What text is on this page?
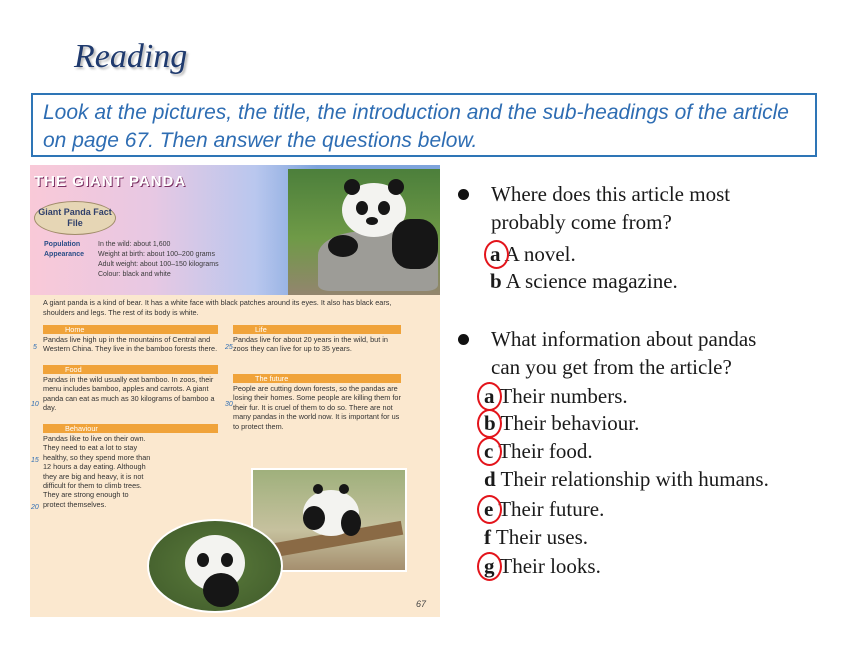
Reading
Look at the pictures, the title, the introduction and the sub-headings of the article on page 67. Then answer the questions below.
THE GIANT PANDA
Giant Panda Fact File
Population	In the wild: about 1,600
Appearance Weight at birth: about 100–200 grams
Adult weight: about 100–150 kilograms
Colour: black and white
A giant panda is a kind of bear. It has a white face with black patches around its eyes. It also has black ears, shoulders and legs. The rest of its body is white.
Home
Pandas live high up in the mountains of Central and Western China. They live in the bamboo forests there.
Food
Pandas in the wild usually eat bamboo. In zoos, their menu includes bamboo, apples and carrots. A giant panda can eat as much as 30 kilograms of bamboo a day.
Behaviour
Pandas like to live on their own. They need to eat a lot to stay healthy, so they spend more than 12 hours a day eating. Although they are big and heavy, it is not difficult for them to climb trees. They are strong enough to protect themselves.
Life
Pandas live for about 20 years in the wild, but in zoos they can live for up to 35 years.
The future
People are cutting down forests, so the pandas are losing their homes. Some people are killing them for their fur. It is cruel of them to do so. There are not many pandas in the world now. It is important for us to protect them.
5
10
15
20
25
30
67
Where does this article most
probably come from?
a A novel.
b A science magazine.
What information about pandas
can you get from the article?
a Their numbers.
b Their behaviour.
c Their food.
d Their relationship with humans.
e Their future.
f Their uses.
g Their looks.
